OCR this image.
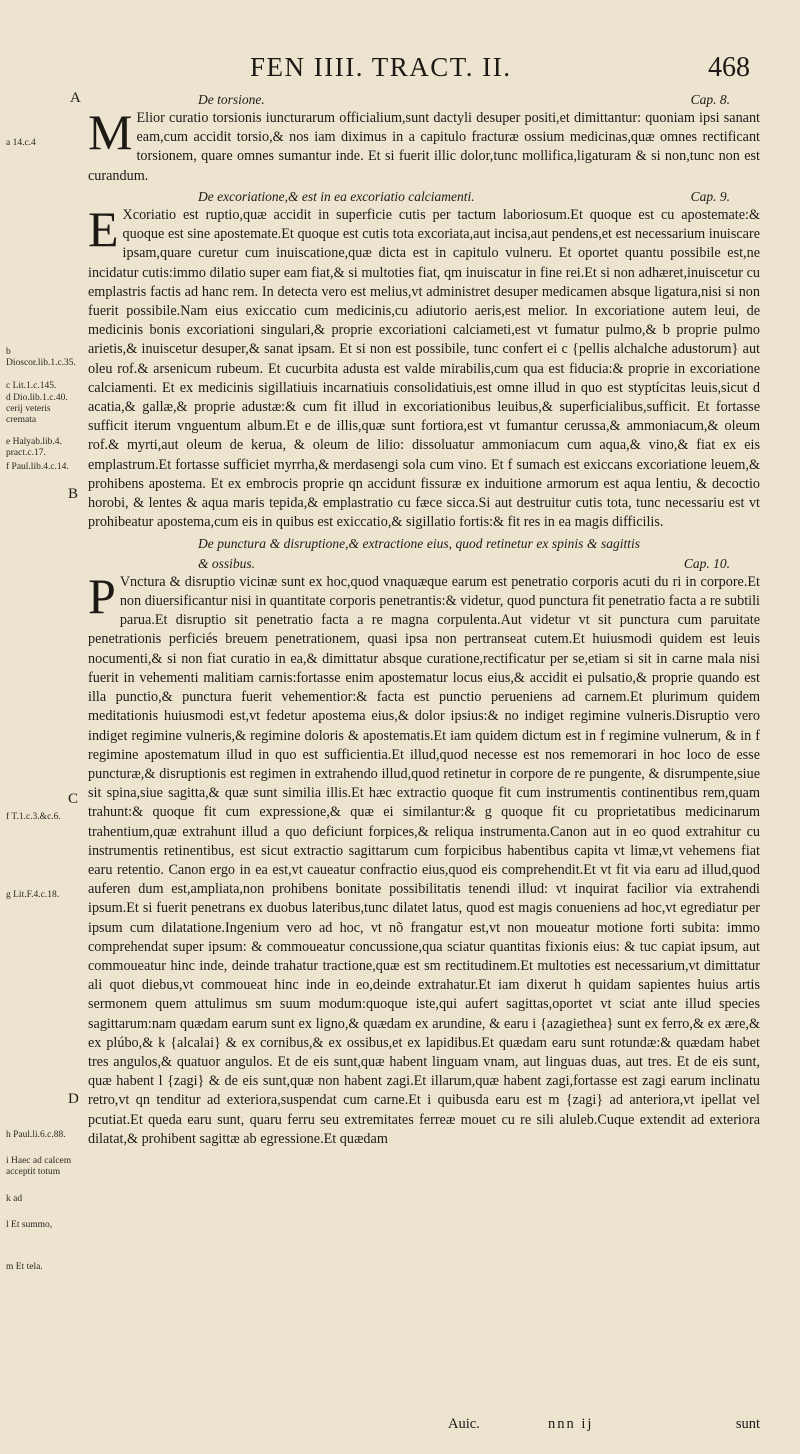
FEN IIII. TRACT. II.	468
a 14.c.4
b Dioscor.lib.1.c.35.
c Lit.1.c.145.
d Dio.lib.1.c.40. cerij veteris cremata
e Halyab.lib.4. pract.c.17.
f Paul.lib.4.c.14.
f T.1.c.3.&c.6.
g Lit.F.4.c.18.
h Paul.li.6.c.88.
i Haec ad calcem acceptit totum
k ad
l Et summo,
m Et tela.
A	De torsione.	Cap. 8.

M Elior curatio torsionis iuncturarum officialium,sunt dactyli desuper positi,et dimittantur: quoniam ipsi sanant eam,cum accidit torsio,& nos iam diximus in a capitulo fracturæ ossium medicinas,quæ omnes rectificant torsionem, quare omnes sumantur inde. Et si fuerit illic dolor,tunc mollifica,ligaturam & si non,tunc non est curandum.

De excoriatione,& est in ea excoriatio calciamenti.	Cap. 9.

E Xcoriatio est ruptio,quæ accidit in superficie cutis per tactum laboriosum.Et quoque est cu apostemate:& quoque est sine apostemate.Et quoque est cutis tota excoriata,aut incisa,aut pendens,et est necessarium inuiscare ipsam,quare curetur cum inuiscatione,quæ dicta est in capitulo vulneru. Et oportet quantu possibile est,ne incidatur cutis:immo dilatio super eam fiat,& si multoties fiat, qm inuiscatur in fine rei.Et si non adhæret,inuiscetur cu emplastris factis ad hanc rem. In detecta vero est melius,vt administret desuper medicamen absque ligatura,nisi si non fuerit possibile.Nam eius exiccatio cum medicinis,cu adiutorio aeris,est melior. In excoriatione autem leui, de medicinis bonis excoriationi singulari,& proprie excoriationi calciameti,est vt fumatur pulmo,& b proprie pulmo arietis,& inuiscetur desuper,& sanat ipsam. Et si non est possibile, tunc confert ei c {pellis alchalche adustorum} aut oleu rof.& arsenicum rubeum. Et cucurbita adusta est valde mirabilis,cum qua est fiducia:& proprie in excoriatione calciamenti. Et ex medicinis sigillatiuis incarnatiuis consolidatiuis,est omne illud in quo est styptícitas leuis,sicut d acatia,& gallæ,& proprie adustæ:& cum fit illud in excoriationibus leuibus,& superficialibus,sufficit. Et fortasse sufficit iterum vnguentum album.Et e de illis,quæ sunt fortiora,est vt fumantur cerussa,& ammoniacum,& oleum rof.& myrti,aut oleum de kerua, & oleum de lilio: dissoluatur ammoniacum cum aqua,& vino,& fiat ex eis emplastrum.Et fortasse sufficiet myrrha,& merdasengi sola cum vino. Et f sumach est exiccans excoriatione leuem,& prohibens apostema. Et ex embrocis proprie qn accidunt fissuræ ex induitione armorum est aqua lentiu, & decoctio horobi, & lentes & aqua maris tepida,& emplastratio cu fæce sicca.Si aut destruitur cutis tota, tunc necessariu est vt prohibeatur apostema,cum eis in quibus est exiccatio,& sigillatio fortis:& fit res in ea magis difficilis.

De punctura & disruptione,& extractione eius, quod retinetur ex spinis & sagittis & ossibus.	Cap. 10.

P Vnctura & disruptio vicinæ sunt ex hoc,quod vnaquæque earum est penetratio corporis acuti du ri in corpore.Et non diuersificantur nisi in quantitate corporis penetrantis:& videtur, quod punctura fit penetratio facta a re subtili parua.Et disruptio sit penetratio facta a re magna corpulenta.Aut videtur vt sit punctura cum paruitate penetrationis perficiés breuem penetrationem, quasi ipsa non pertranseat cutem.Et huiusmodi quidem est leuis nocumenti,& si non fiat curatio in ea,& dimittatur absque curatione,rectificatur per se,etiam si sit in carne mala nisi fuerit in vehementi malitiam carnis:fortasse enim apostematur locus eius,& accidit ei pulsatio,& proprie quando est illa punctio,& punctura fuerit vehementior:& facta est punctio perueniens ad carnem.Et plurimum quidem meditationis huiusmodi est,vt fedetur apostema eius,& dolor ipsius:& no indiget regimine vulneris.Disruptio vero indiget regimine vulneris,& regimine doloris & apostematis.Et iam quidem dictum est in f regimine vulnerum, & in f regimine apostematum illud in quo est sufficientia.Et illud,quod necesse est nos rememorari in hoc loco de esse puncturæ,& disruptionis est regimen in extrahendo illud,quod retinetur in corpore de re pungente, & disrumpente,siue sit spina,siue sagitta,& quæ sunt similia illis.Et hæc extractio quoque fit cum instrumentis continentibus rem,quam trahunt:& quoque fit cum expressione,& quæ ei similantur:& g quoque fit cu proprietatibus medicinarum trahentium,quæ extrahunt illud a quo deficiunt forpices,& reliqua instrumenta.Canon aut in eo quod extrahitur cu instrumentis retinentibus, est sicut extractio sagittarum cum forpicibus habentibus capita vt limæ,vt vehemens fiat earu retentio. Canon ergo in ea est,vt caueatur confractio eius,quod eis comprehendit.Et vt fit via earu ad illud,quod auferen dum est,ampliata,non prohibens bonitate possibilitatis tenendi illud: vt inquirat facilior via extrahendi ipsum.Et si fuerit penetrans ex duobus lateribus,tunc dilatet latus, quod est magis conueniens ad hoc,vt egrediatur per ipsum cum dilatatione.Ingenium vero ad hoc, vt nõ frangatur est,vt non moueatur motione forti subita: immo comprehendat super ipsum: & commoueatur concussione,qua sciatur quantitas fixionis eius: & tuc capiat ipsum, aut commoueatur hinc inde, deinde trahatur tractione,quæ est sm rectitudinem.Et multoties est necessarium,vt dimittatur ali quot diebus,vt commoueat hinc inde in eo,deinde extrahatur.Et iam dixerut h quidam sapientes huius artis sermonem quem attulimus sm suum modum:quoque iste,qui aufert sagittas,oportet vt sciat ante illud species sagittarum:nam quædam earum sunt ex ligno,& quædam ex arundine, & earu i {azagiethea} sunt ex ferro,& ex ære,& ex plúbo,& k {alcalai} & ex cornibus,& ex ossibus,et ex lapidibus.Et quædam earu sunt rotundæ:& quædam habet tres angulos,& quatuor angulos. Et de eis sunt,quæ habent linguam vnam, aut linguas duas, aut tres. Et de eis sunt, quæ habent l {zagi} & de eis sunt,quæ non habent zagi.Et illarum,quæ habent zagi,fortasse est zagi earum inclinatu retro,vt qn tenditur ad exteriora,suspendat cum carne.Et i quibusda earu est m {zagi} ad anteriora,vt ipellat vel pcutiat.Et queda earu sunt, quaru ferru seu extremitates ferreæ mouet cu re sili aluleb.Cuque extendit ad exteriora dilatat,& prohibent sagittæ ab egressione.Et quædam

B
C
D
Auic.	nnn ij	sunt
